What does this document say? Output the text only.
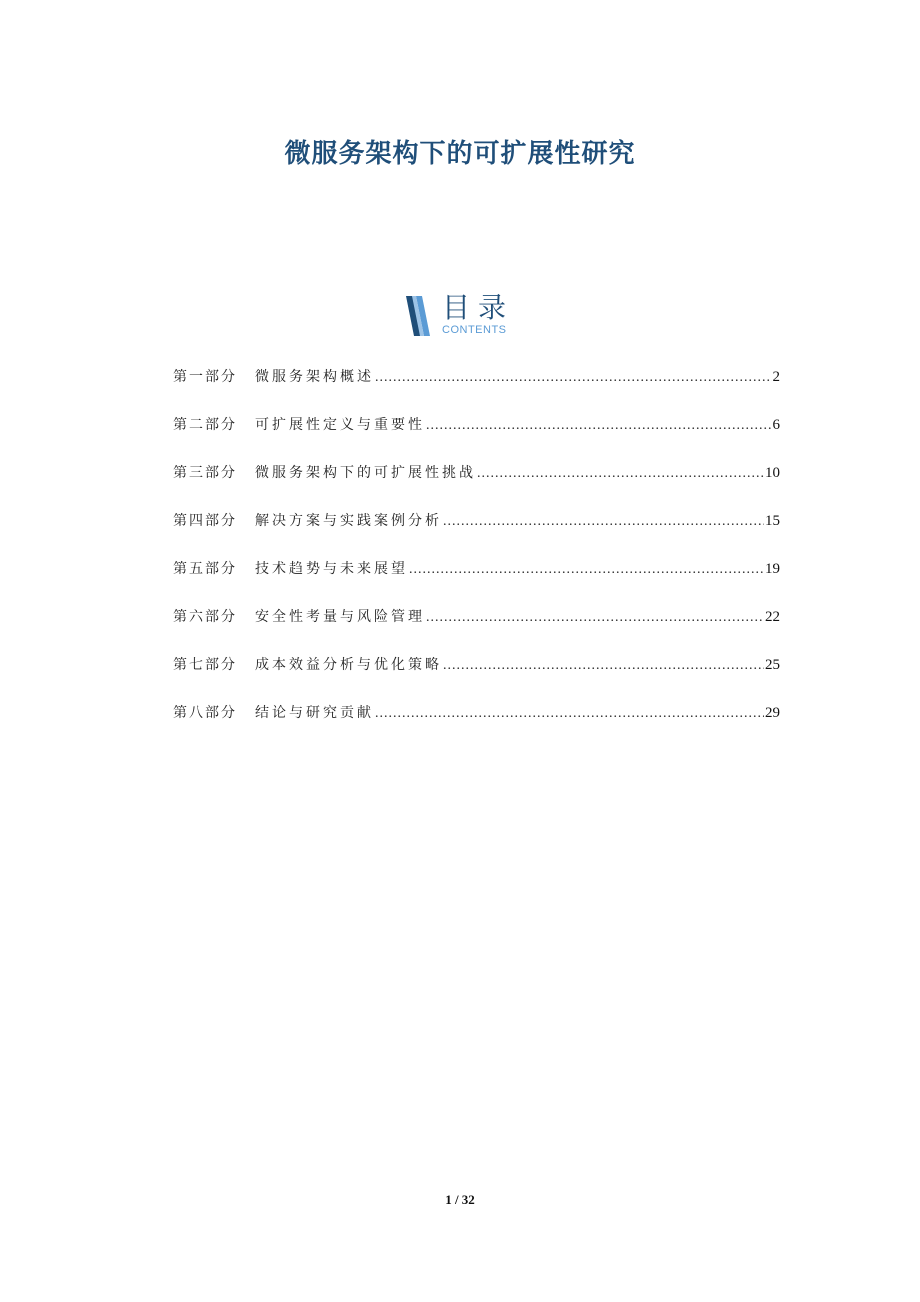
微服务架构下的可扩展性研究
目录
CONTENTS
第一部分	微服务架构概述 .....	2
第二部分	可扩展性定义与重要性 .....	6
第三部分	微服务架构下的可扩展性挑战 .....	10
第四部分	解决方案与实践案例分析 .....	15
第五部分	技术趋势与未来展望 .....	19
第六部分	安全性考量与风险管理 .....	22
第七部分	成本效益分析与优化策略 .....	25
第八部分	结论与研究贡献 .....	29
1 / 32
